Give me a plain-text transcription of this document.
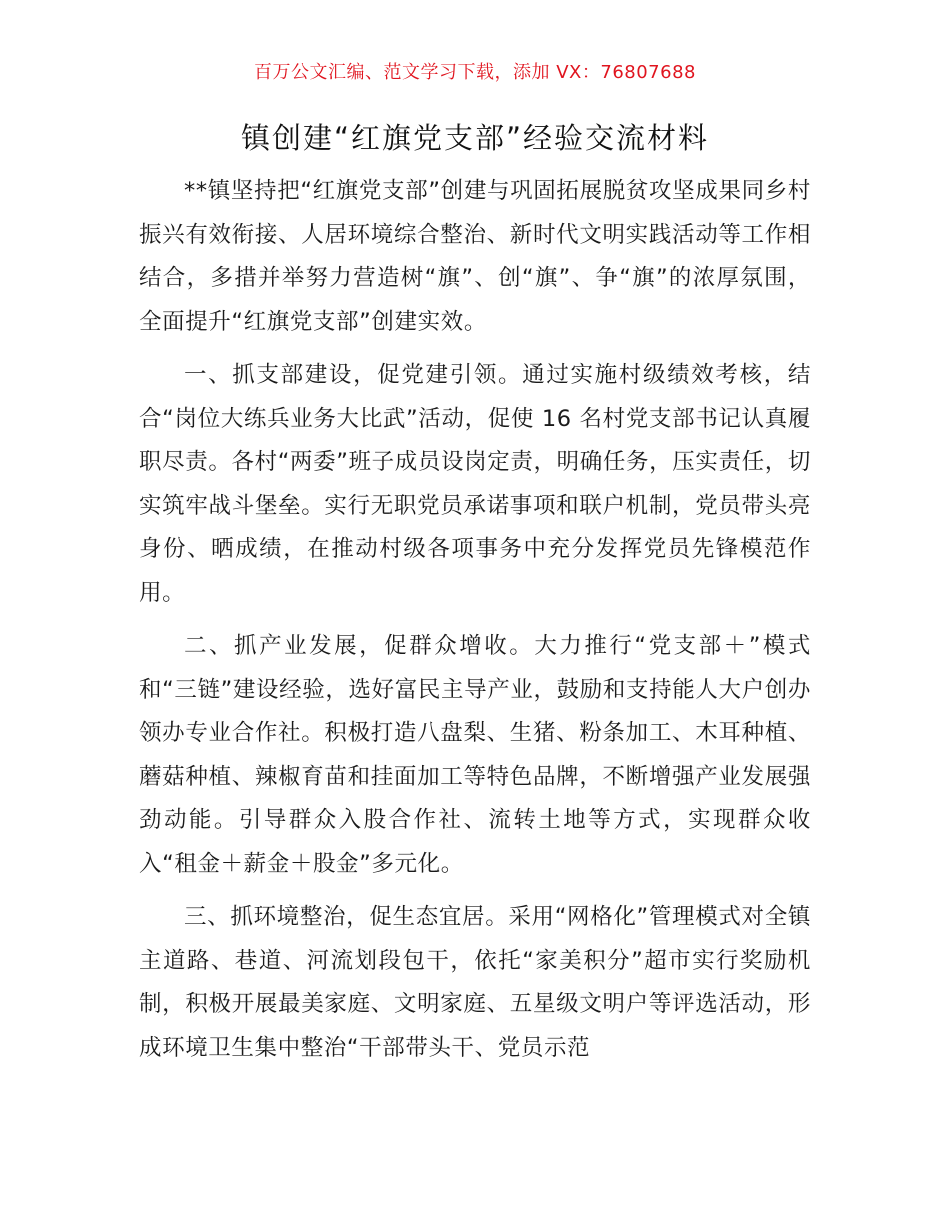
百万公文汇编、范文学习下载，添加 VX：76807688
镇创建“红旗党支部”经验交流材料

**镇坚持把“红旗党支部”创建与巩固拓展脱贫攻坚成果同乡村振兴有效衔接、人居环境综合整治、新时代文明实践活动等工作相结合，多措并举努力营造树“旗”、创“旗”、争“旗”的浓厚氛围，全面提升“红旗党支部”创建实效。

一、抓支部建设，促党建引领。通过实施村级绩效考核，结合“岗位大练兵业务大比武”活动，促使 16 名村党支部书记认真履职尽责。各村“两委”班子成员设岗定责，明确任务，压实责任，切实筑牢战斗堡垒。实行无职党员承诺事项和联户机制，党员带头亮身份、晒成绩，在推动村级各项事务中充分发挥党员先锋模范作用。

二、抓产业发展，促群众增收。大力推行“党支部＋”模式和“三链”建设经验，选好富民主导产业，鼓励和支持能人大户创办领办专业合作社。积极打造八盘梨、生猪、粉条加工、木耳种植、蘑菇种植、辣椒育苗和挂面加工等特色品牌，不断增强产业发展强劲动能。引导群众入股合作社、流转土地等方式，实现群众收入“租金＋薪金＋股金”多元化。

三、抓环境整治，促生态宜居。采用“网格化”管理模式对全镇主道路、巷道、河流划段包干，依托“家美积分”超市实行奖励机制，积极开展最美家庭、文明家庭、五星级文明户等评选活动，形成环境卫生集中整治“干部带头干、党员示范
